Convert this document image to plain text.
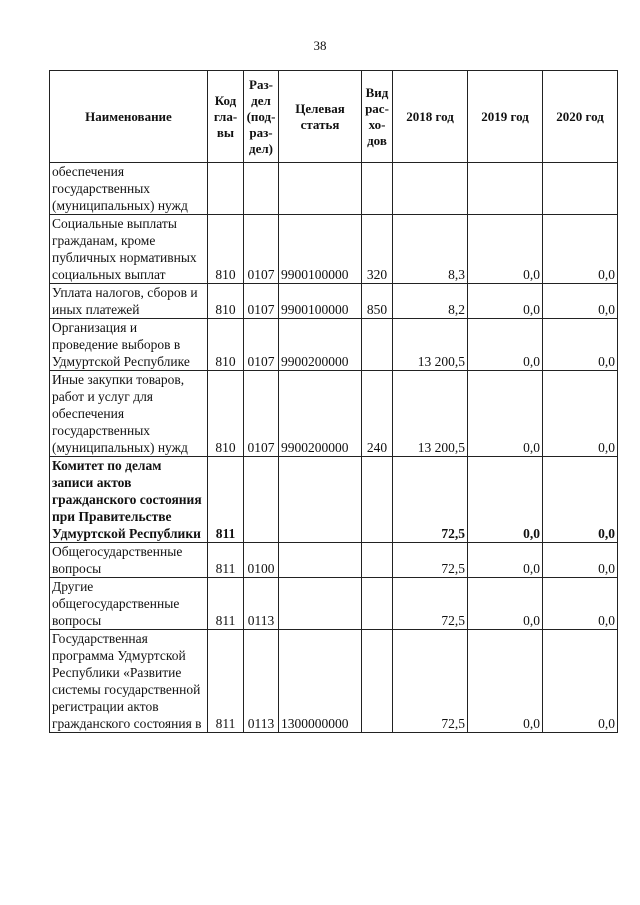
38
Наименование	Код гла- вы	Раз- дел (под- раз- дел)	Целевая статья	Вид рас- хо- дов	2018 год	2019 год	2020 год
обеспечения государственных (муниципальных) нужд							
Социальные выплаты гражданам, кроме публичных нормативных социальных выплат	810	0107	9900100000	320	8,3	0,0	0,0
Уплата налогов, сборов и иных платежей	810	0107	9900100000	850	8,2	0,0	0,0
Организация и проведение выборов в Удмуртской Республике	810	0107	9900200000		13 200,5	0,0	0,0
Иные закупки товаров, работ и услуг для обеспечения государственных (муниципальных) нужд	810	0107	9900200000	240	13 200,5	0,0	0,0
Комитет по делам записи актов гражданского состояния при Правительстве Удмуртской Республики	811				72,5	0,0	0,0
Общегосударственные вопросы	811	0100			72,5	0,0	0,0
Другие общегосударственные вопросы	811	0113			72,5	0,0	0,0
Государственная программа Удмуртской Республики «Развитие системы государственной регистрации актов гражданского состояния в	811	0113	1300000000		72,5	0,0	0,0
